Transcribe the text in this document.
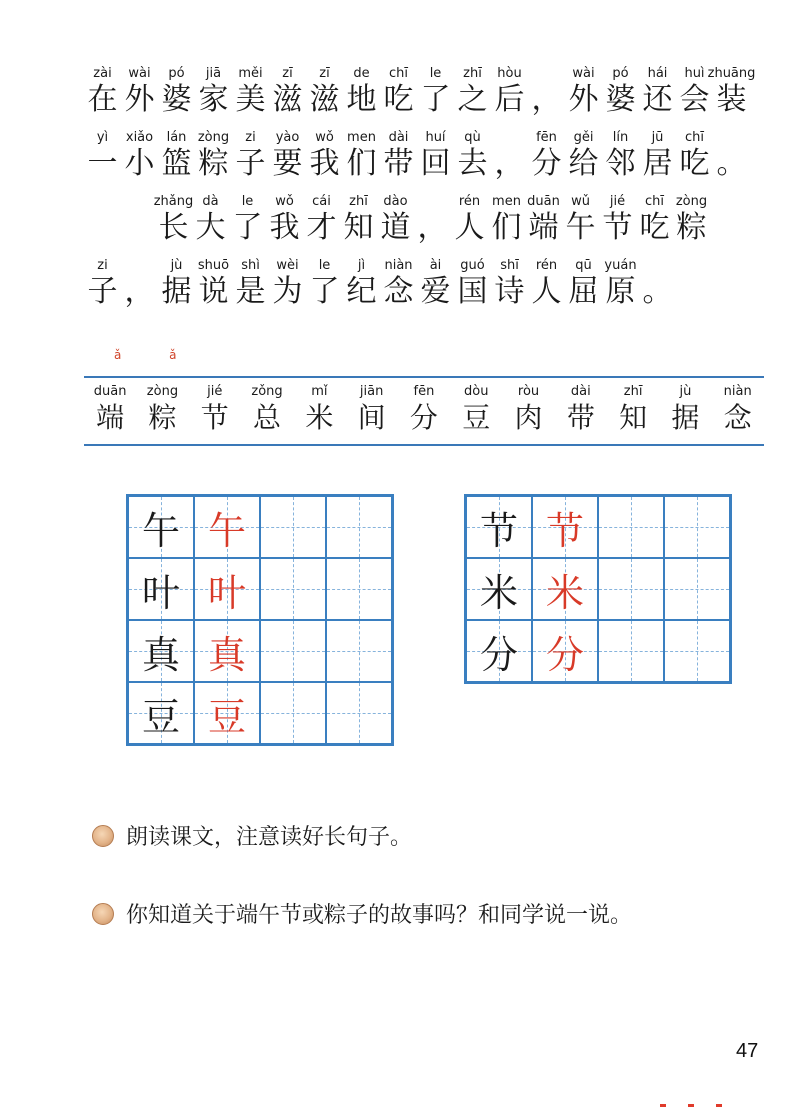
zài
在
wài
外
pó
婆
jiā
家
měi
美
zī
滋
zī
滋
de
地
chī
吃
le
了
zhī
之
hòu
后 ，
wài
外
pó
婆
hái
还
huì
会
zhuāng
装
yì
一
xiǎo
小
lán
篮
zòng
粽
zi
子
yào
要
wǒ
我
men
们
dài
带
huí
回
qù
去 ，
fēn
分
gěi
给
lín
邻
jū
居
chī
吃 。
zhǎng
长
dà
大
le
了
wǒ
我
cái
才
zhī
知
dào
道 ，
rén
人
men
们
duān
端
wǔ
午
jié
节
chī
吃
zòng
粽
zi
子 ，
jù
据
shuō
说
shì
是
wèi
为
le
了
jì
纪
niàn
念
ài
爱
guó
国
shī
诗
rén
人
qū
屈
yuán
原 。
ǎ ǎ
duān
端
zòng
粽
jié
节
zǒng
总
mǐ
米
jiān
间
fēn
分
dòu
豆
ròu
肉
dài
带
zhī
知
jù
据
niàn
念
午 午
叶 叶
真 真
豆 豆
节 节
米 米
分 分
朗读课文，注意读好长句子。
你知道关于端午节或粽子的故事吗？和同学说一说。
47
